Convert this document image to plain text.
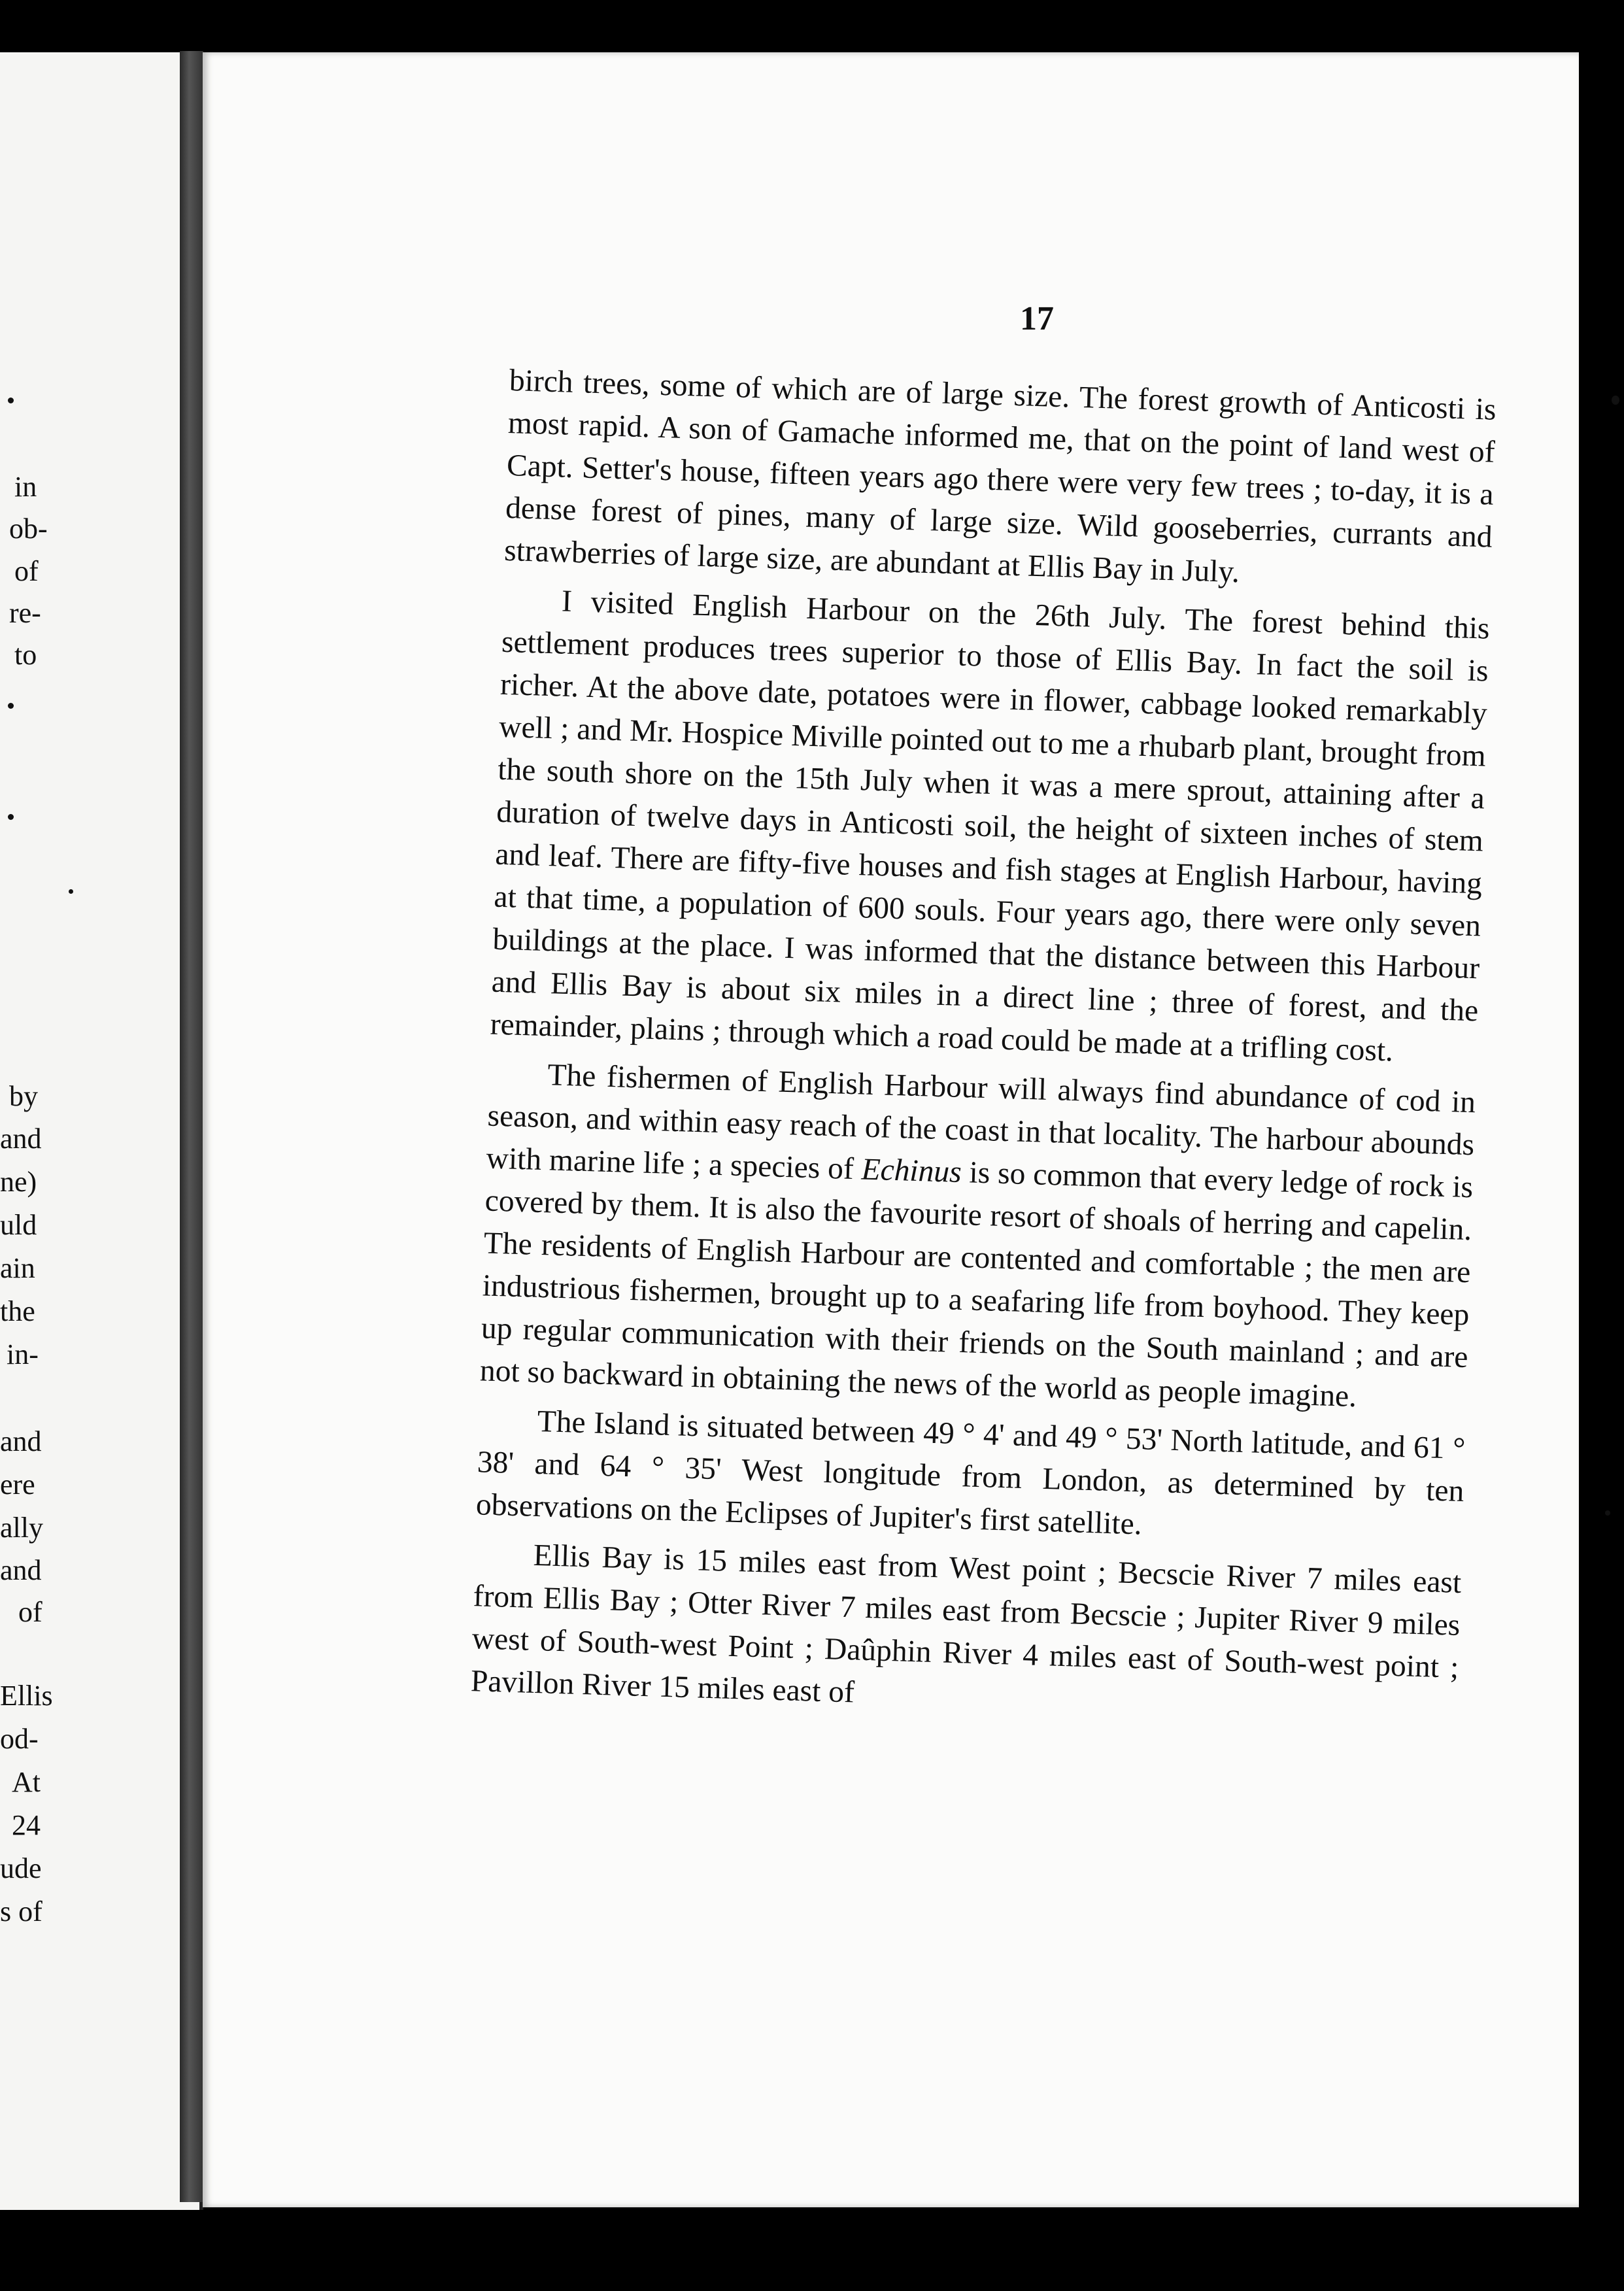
in
ob-
of
re-
to
by
and
ne)
uld
ain
the
in-
and
ere
ally
and
of
Ellis
od-
At
24
ude
s of
17

birch trees, some of which are of large size. The forest growth of Anticosti is most rapid. A son of Gamache informed me, that on the point of land west of Capt. Setter's house, fifteen years ago there were very few trees ; to-day, it is a dense forest of pines, many of large size. Wild gooseberries, currants and strawberries of large size, are abundant at Ellis Bay in July.

I visited English Harbour on the 26th July. The forest behind this settlement produces trees superior to those of Ellis Bay. In fact the soil is richer. At the above date, potatoes were in flower, cabbage looked remarkably well ; and Mr. Hospice Miville pointed out to me a rhubarb plant, brought from the south shore on the 15th July when it was a mere sprout, attaining after a duration of twelve days in Anticosti soil, the height of sixteen inches of stem and leaf. There are fifty-five houses and fish stages at English Harbour, having at that time, a population of 600 souls. Four years ago, there were only seven buildings at the place. I was informed that the distance between this Harbour and Ellis Bay is about six miles in a direct line ; three of forest, and the remainder, plains ; through which a road could be made at a trifling cost.

The fishermen of English Harbour will always find abundance of cod in season, and within easy reach of the coast in that locality. The harbour abounds with marine life ; a species of Echinus is so common that every ledge of rock is covered by them. It is also the favourite resort of shoals of herring and capelin. The residents of English Harbour are contented and comfortable ; the men are industrious fishermen, brought up to a seafaring life from boyhood. They keep up regular communication with their friends on the South mainland ; and are not so backward in obtaining the news of the world as people imagine.

The Island is situated between 49 ° 4' and 49 ° 53' North latitude, and 61 ° 38' and 64 ° 35' West longitude from London, as determined by ten observations on the Eclipses of Jupiter's first satellite.

Ellis Bay is 15 miles east from West point ; Becscie River 7 miles east from Ellis Bay ; Otter River 7 miles east from Becscie ; Jupiter River 9 miles west of South-west Point ; Daûphin River 4 miles east of South-west point ; Pavillon River 15 miles east of
